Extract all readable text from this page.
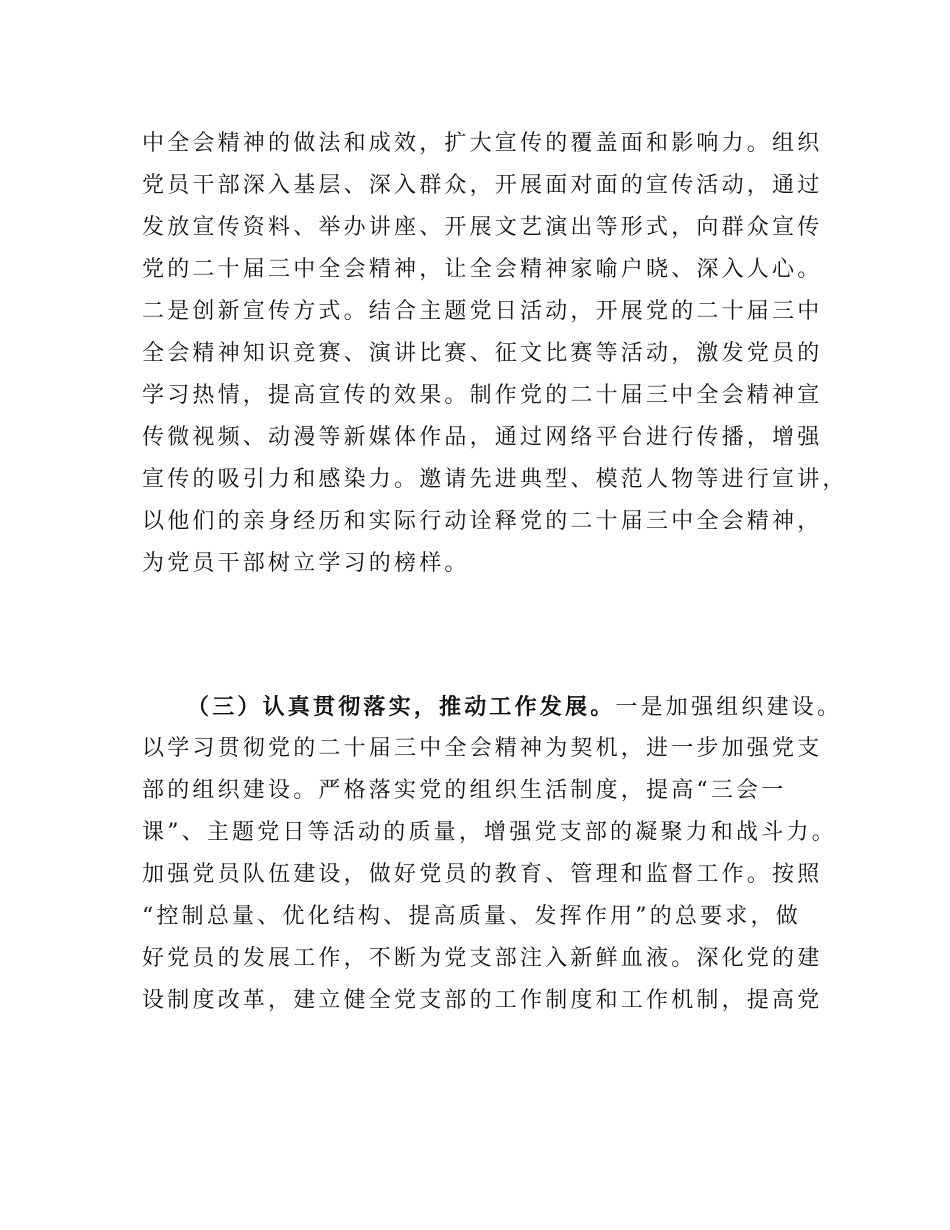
中全会精神的做法和成效，扩大宣传的覆盖面和影响力。组织
党员干部深入基层、深入群众，开展面对面的宣传活动，通过
发放宣传资料、举办讲座、开展文艺演出等形式，向群众宣传
党的二十届三中全会精神，让全会精神家喻户晓、深入人心。
二是创新宣传方式。结合主题党日活动，开展党的二十届三中
全会精神知识竞赛、演讲比赛、征文比赛等活动，激发党员的
学习热情，提高宣传的效果。制作党的二十届三中全会精神宣
传微视频、动漫等新媒体作品，通过网络平台进行传播，增强
宣传的吸引力和感染力。邀请先进典型、模范人物等进行宣讲，
以他们的亲身经历和实际行动诠释党的二十届三中全会精神，
为党员干部树立学习的榜样。
（三）认真贯彻落实，推动工作发展。一是加强组织建设。
以学习贯彻党的二十届三中全会精神为契机，进一步加强党支
部的组织建设。严格落实党的组织生活制度，提高“三会一
课”、主题党日等活动的质量，增强党支部的凝聚力和战斗力。
加强党员队伍建设，做好党员的教育、管理和监督工作。按照
“控制总量、优化结构、提高质量、发挥作用”的总要求，做
好党员的发展工作，不断为党支部注入新鲜血液。深化党的建
设制度改革，建立健全党支部的工作制度和工作机制，提高党
